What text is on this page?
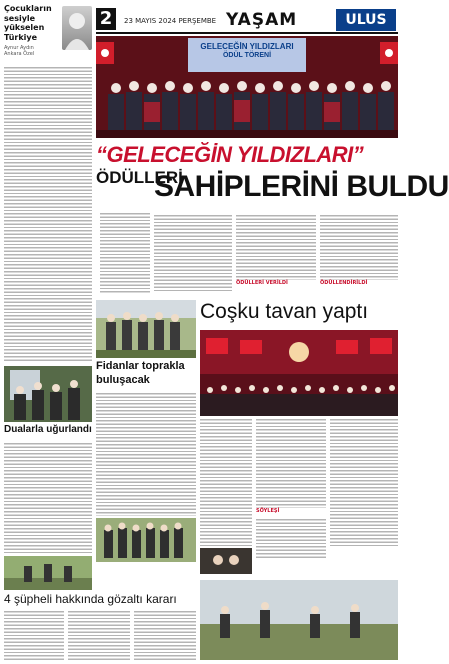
2	23 MAYIS 2024 PERŞEMBE YAŞAM	ULUS
Çocukların sesiyle
yükselen
Türkiye
Aynur Aydın
Ankara Özel
GELECEĞİN YILDIZLARI
ÖDÜL TÖRENİ
“GELECEĞİN YILDIZLARI” ÖDÜLLERİ
SAHİPLERİNİ BULDU
ÖDÜLLERİ VERİLDİ	ÖDÜLLENDİRİLDİ
Dualarla uğurlandı
Coşku tavan yaptı
Fidanlar toprakla
buluşacak
SÖYLEŞİ
4 şüpheli hakkında gözaltı kararı
